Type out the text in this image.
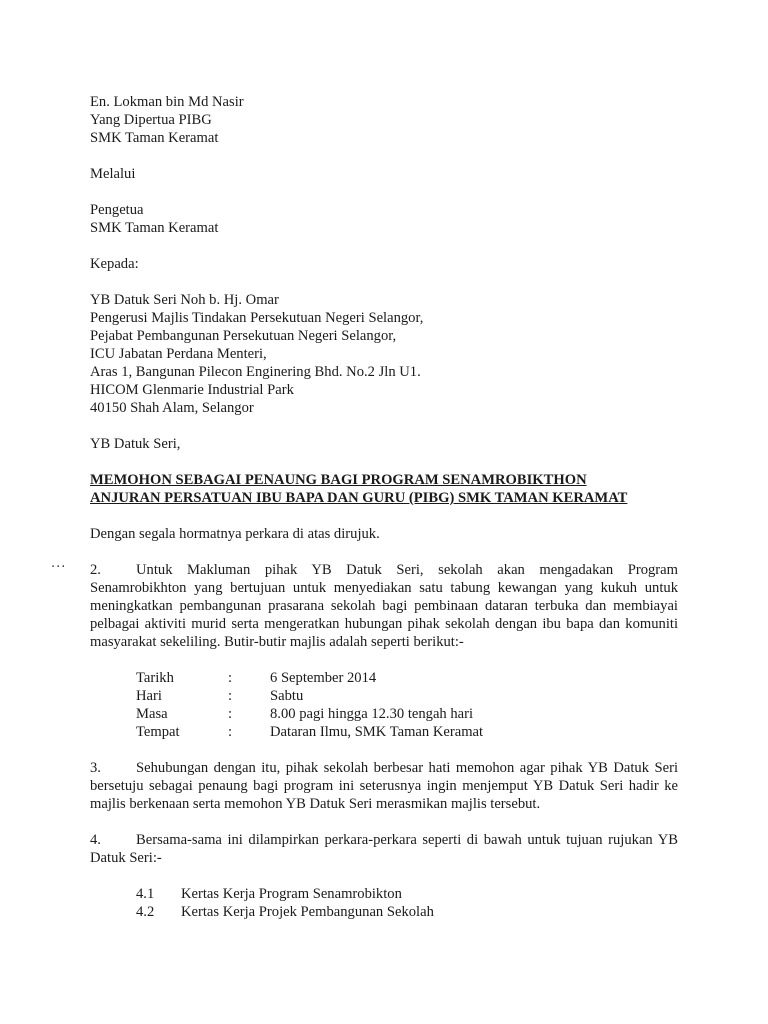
...
En. Lokman bin Md Nasir
Yang Dipertua PIBG
SMK Taman Keramat
Melalui
Pengetua
SMK Taman Keramat
Kepada:
YB Datuk Seri Noh b. Hj. Omar
Pengerusi Majlis Tindakan Persekutuan Negeri Selangor,
Pejabat Pembangunan Persekutuan Negeri Selangor,
ICU Jabatan Perdana Menteri,
Aras 1, Bangunan Pilecon Enginering Bhd. No.2 Jln U1.
HICOM Glenmarie Industrial Park
40150 Shah Alam, Selangor
YB Datuk Seri,
MEMOHON SEBAGAI PENAUNG BAGI PROGRAM SENAMROBIKTHON
ANJURAN PERSATUAN IBU BAPA DAN GURU (PIBG) SMK TAMAN KERAMAT
Dengan segala hormatnya perkara di atas dirujuk.
2. Untuk Makluman pihak YB Datuk Seri, sekolah akan mengadakan Program
Senamrobikhton yang bertujuan untuk menyediakan satu tabung kewangan yang kukuh untuk
meningkatkan pembangunan prasarana sekolah bagi pembinaan dataran terbuka dan membiayai
pelbagai aktiviti murid serta mengeratkan hubungan pihak sekolah dengan ibu bapa dan komuniti
masyarakat sekeliling. Butir-butir majlis adalah seperti berikut:-
Tarikh	:	6 September 2014
Hari	:	Sabtu
Masa	:	8.00 pagi hingga 12.30 tengah hari
Tempat	:	Dataran Ilmu, SMK Taman Keramat
3. Sehubungan dengan itu, pihak sekolah berbesar hati memohon agar pihak YB Datuk Seri
bersetuju sebagai penaung bagi program ini seterusnya ingin menjemput YB Datuk Seri hadir ke
majlis berkenaan serta memohon YB Datuk Seri merasmikan majlis tersebut.
4. Bersama-sama ini dilampirkan perkara-perkara seperti di bawah untuk tujuan rujukan YB
Datuk Seri:-
4.1	Kertas Kerja Program Senamrobikton
4.2	Kertas Kerja Projek Pembangunan Sekolah
